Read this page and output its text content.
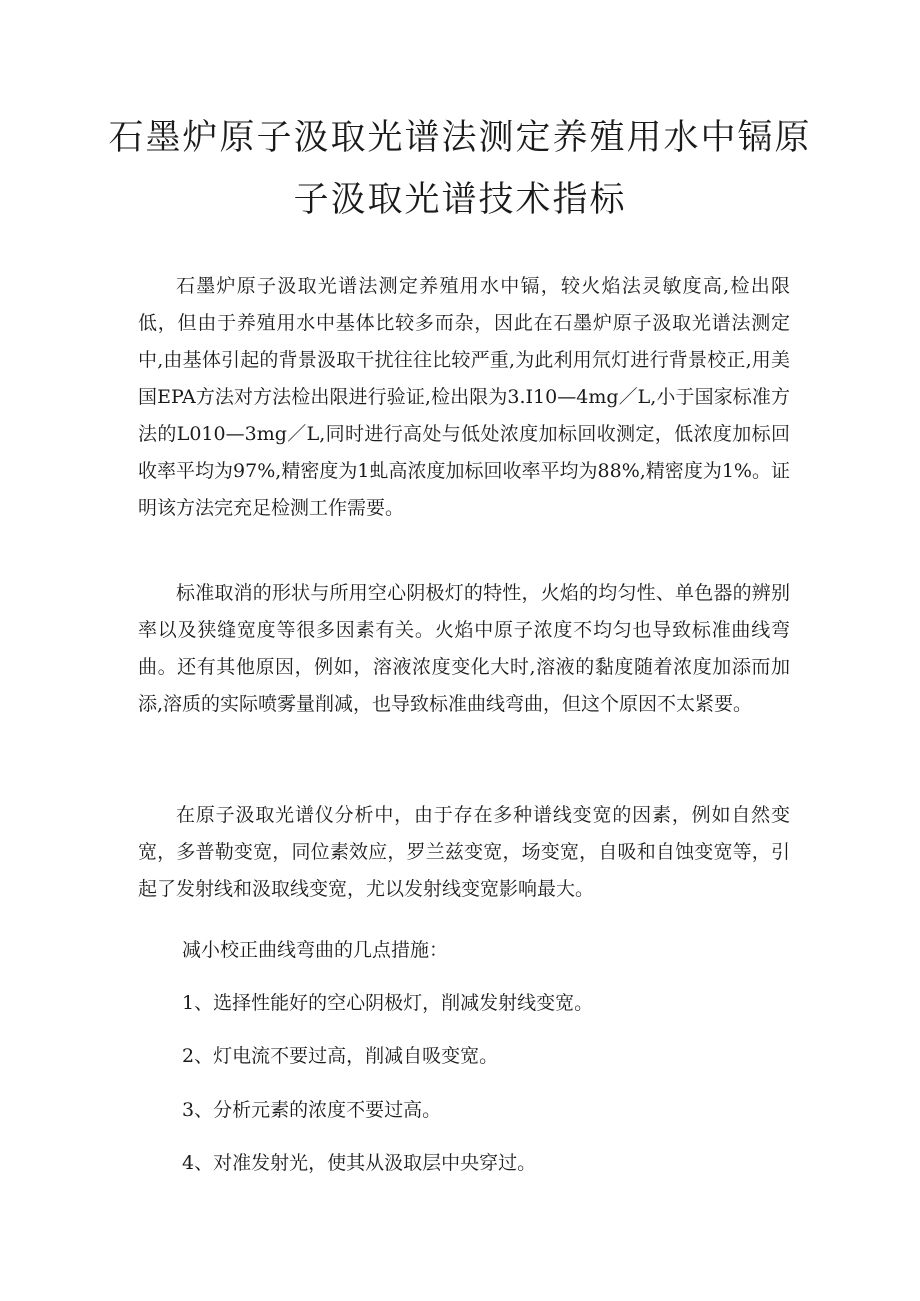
石墨炉原子汲取光谱法测定养殖用水中镉原
子汲取光谱技术指标

石墨炉原子汲取光谱法测定养殖用水中镉，较火焰法灵敏度高,检出限低，但由于养殖用水中基体比较多而杂，因此在石墨炉原子汲取光谱法测定中,由基体引起的背景汲取干扰往往比较严重,为此利用氘灯进行背景校正,用美国EPA方法对方法检出限进行验证,检出限为3.I10—4mg／L,小于国家标准方法的L010—3mg／L,同时进行高处与低处浓度加标回收测定，低浓度加标回收率平均为97%,精密度为1虬高浓度加标回收率平均为88%,精密度为1%。证明该方法完充足检测工作需要。

标准取消的形状与所用空心阴极灯的特性，火焰的均匀性、单色器的辨别率以及狭缝宽度等很多因素有关。火焰中原子浓度不均匀也导致标准曲线弯曲。还有其他原因，例如，溶液浓度变化大时,溶液的黏度随着浓度加添而加添,溶质的实际喷雾量削减，也导致标准曲线弯曲，但这个原因不太紧要。

在原子汲取光谱仪分析中，由于存在多种谱线变宽的因素，例如自然变宽，多普勒变宽，同位素效应，罗兰兹变宽，场变宽，自吸和自蚀变宽等，引起了发射线和汲取线变宽，尤以发射线变宽影响最大。

减小校正曲线弯曲的几点措施：

1、选择性能好的空心阴极灯，削减发射线变宽。

2、灯电流不要过高，削减自吸变宽。

3、分析元素的浓度不要过高。

4、对准发射光，使其从汲取层中央穿过。
